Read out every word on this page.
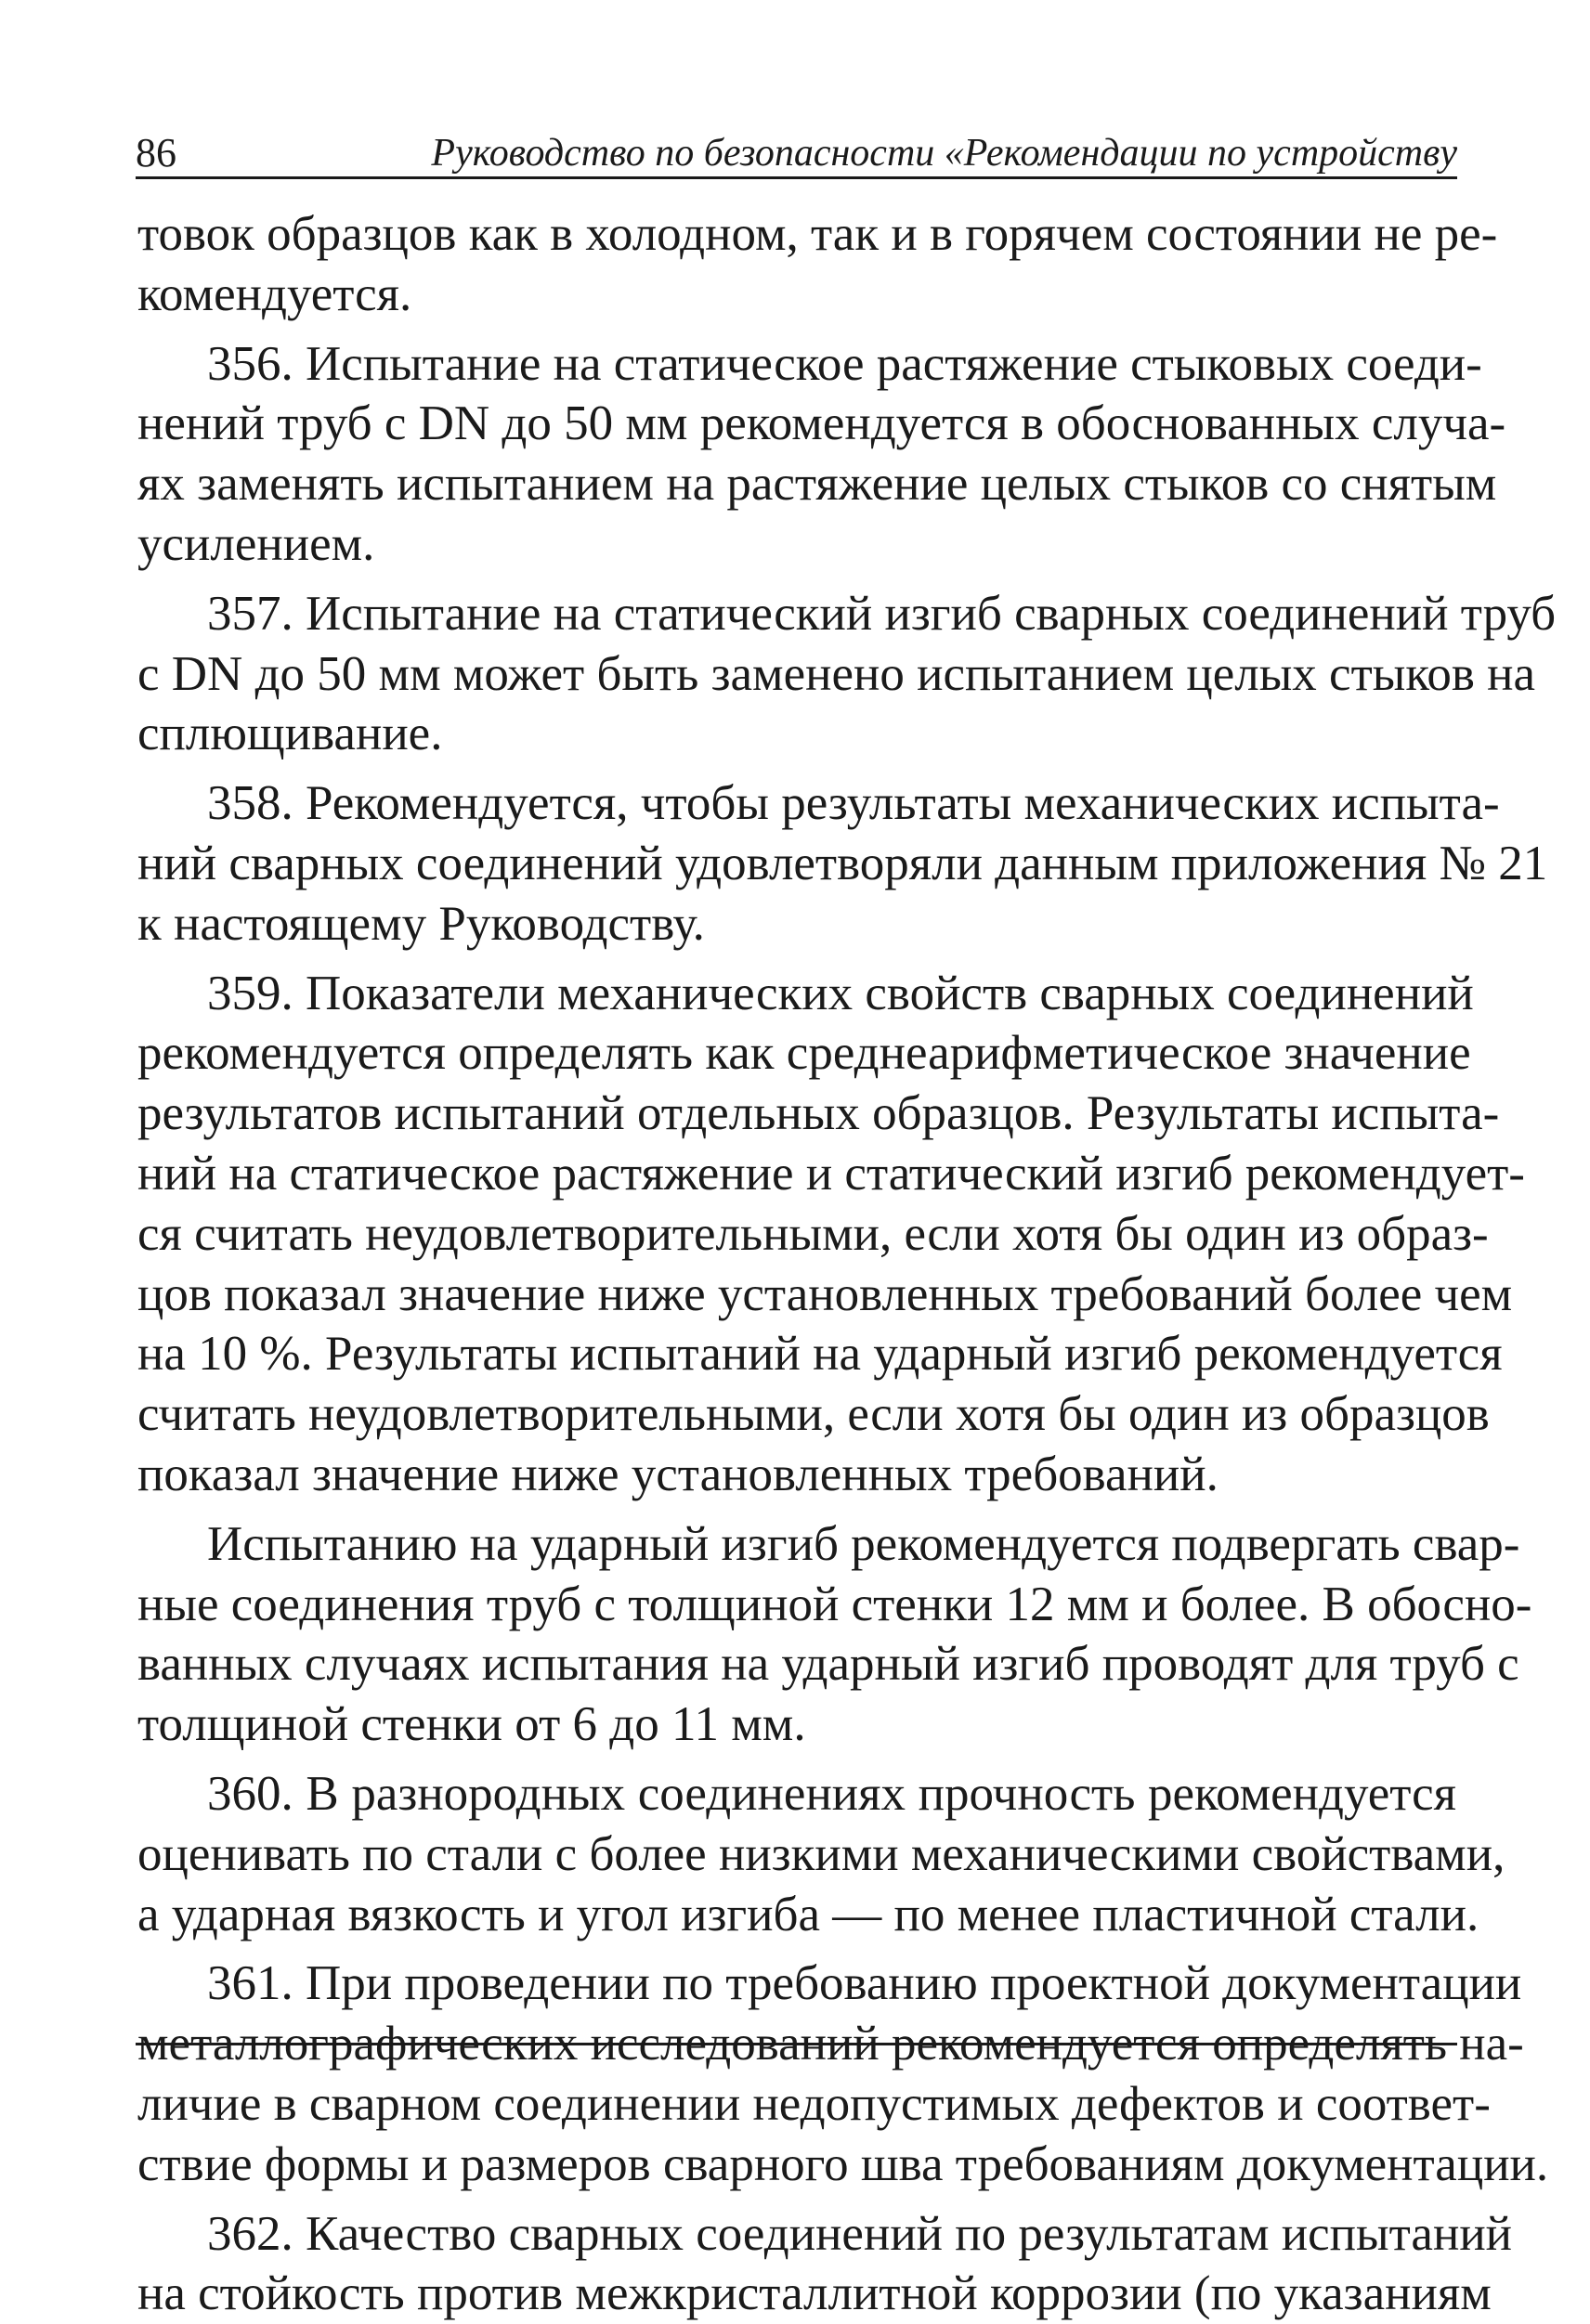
86	Руководство по безопасности «Рекомендации по устройству
товок образцов как в холодном, так и в горячем состоянии не ре-
комендуется.
356. Испытание на статическое растяжение стыковых соеди-
нений труб с DN до 50 мм рекомендуется в обоснованных случа-
ях заменять испытанием на растяжение целых стыков со снятым
усилением.
357. Испытание на статический изгиб сварных соединений труб
с DN до 50 мм может быть заменено испытанием целых стыков на
сплющивание.
358. Рекомендуется, чтобы результаты механических испыта-
ний сварных соединений удовлетворяли данным приложения № 21
к настоящему Руководству.
359. Показатели механических свойств сварных соединений
рекомендуется определять как среднеарифметическое значение
результатов испытаний отдельных образцов. Результаты испыта-
ний на статическое растяжение и статический изгиб рекомендует-
ся считать неудовлетворительными, если хотя бы один из образ-
цов показал значение ниже установленных требований более чем
на 10 %. Результаты испытаний на ударный изгиб рекомендуется
считать неудовлетворительными, если хотя бы один из образцов
показал значение ниже установленных требований.
Испытанию на ударный изгиб рекомендуется подвергать свар-
ные соединения труб с толщиной стенки 12 мм и более. В обосно-
ванных случаях испытания на ударный изгиб проводят для труб с
толщиной стенки от 6 до 11 мм.
360. В разнородных соединениях прочность рекомендуется
оценивать по стали с более низкими механическими свойствами,
а ударная вязкость и угол изгиба — по менее пластичной стали.
361. При проведении по требованию проектной документации
металлографических исследований рекомендуется определять на-
личие в сварном соединении недопустимых дефектов и соответ-
ствие формы и размеров сварного шва требованиям документации.
362. Качество сварных соединений по результатам испытаний
на стойкость против межкристаллитной коррозии (по указаниям
